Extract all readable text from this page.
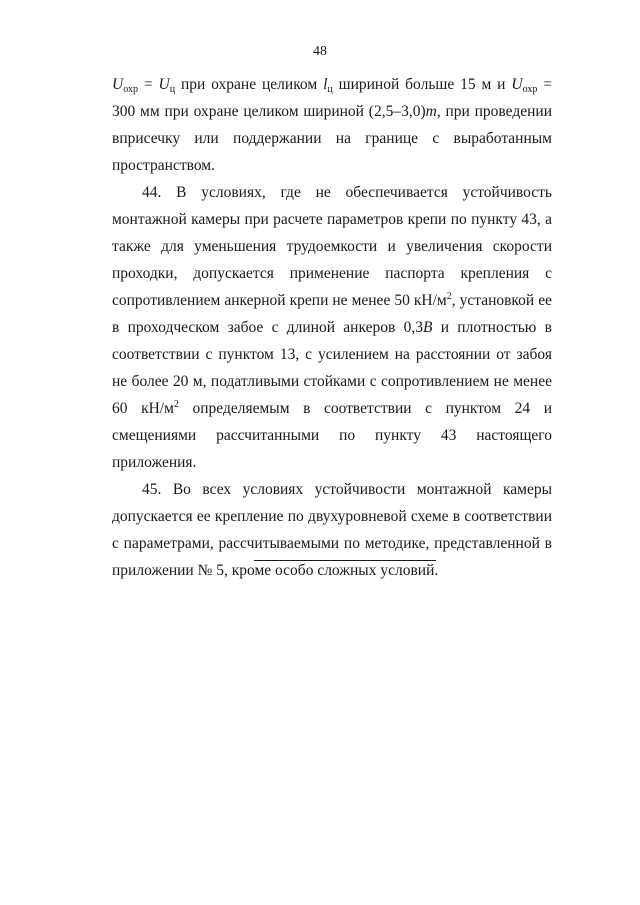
48

$U_{охр} = U_ц$ при охране целиком $l_ц$ шириной больше 15 м и $U_{охр} = 300$ мм при охране целиком шириной (2,5–3,0)m, при проведении вприсечку или поддержании на границе с выработанным пространством.

44. В условиях, где не обеспечивается устойчивость монтажной камеры при расчете параметров крепи по пункту 43, а также для уменьшения трудоемкости и увеличения скорости проходки, допускается применение паспорта крепления с сопротивлением анкерной крепи не менее 50 $кН/м^2$, установкой ее в проходческом забое с длиной анкеров 0,3B и плотностью в соответствии с пунктом 13, с усилением на расстоянии от забоя не более 20 м, податливыми стойками с сопротивлением не менее 60 $кН/м^2$ определяемым в соответствии с пунктом 24 и смещениями рассчитанными по пункту 43 настоящего приложения.

45. Во всех условиях устойчивости монтажной камеры допускается ее крепление по двухуровневой схеме в соответствии с параметрами, рассчитываемыми по методике, представленной в приложении № 5, кроме особо сложных условий.
